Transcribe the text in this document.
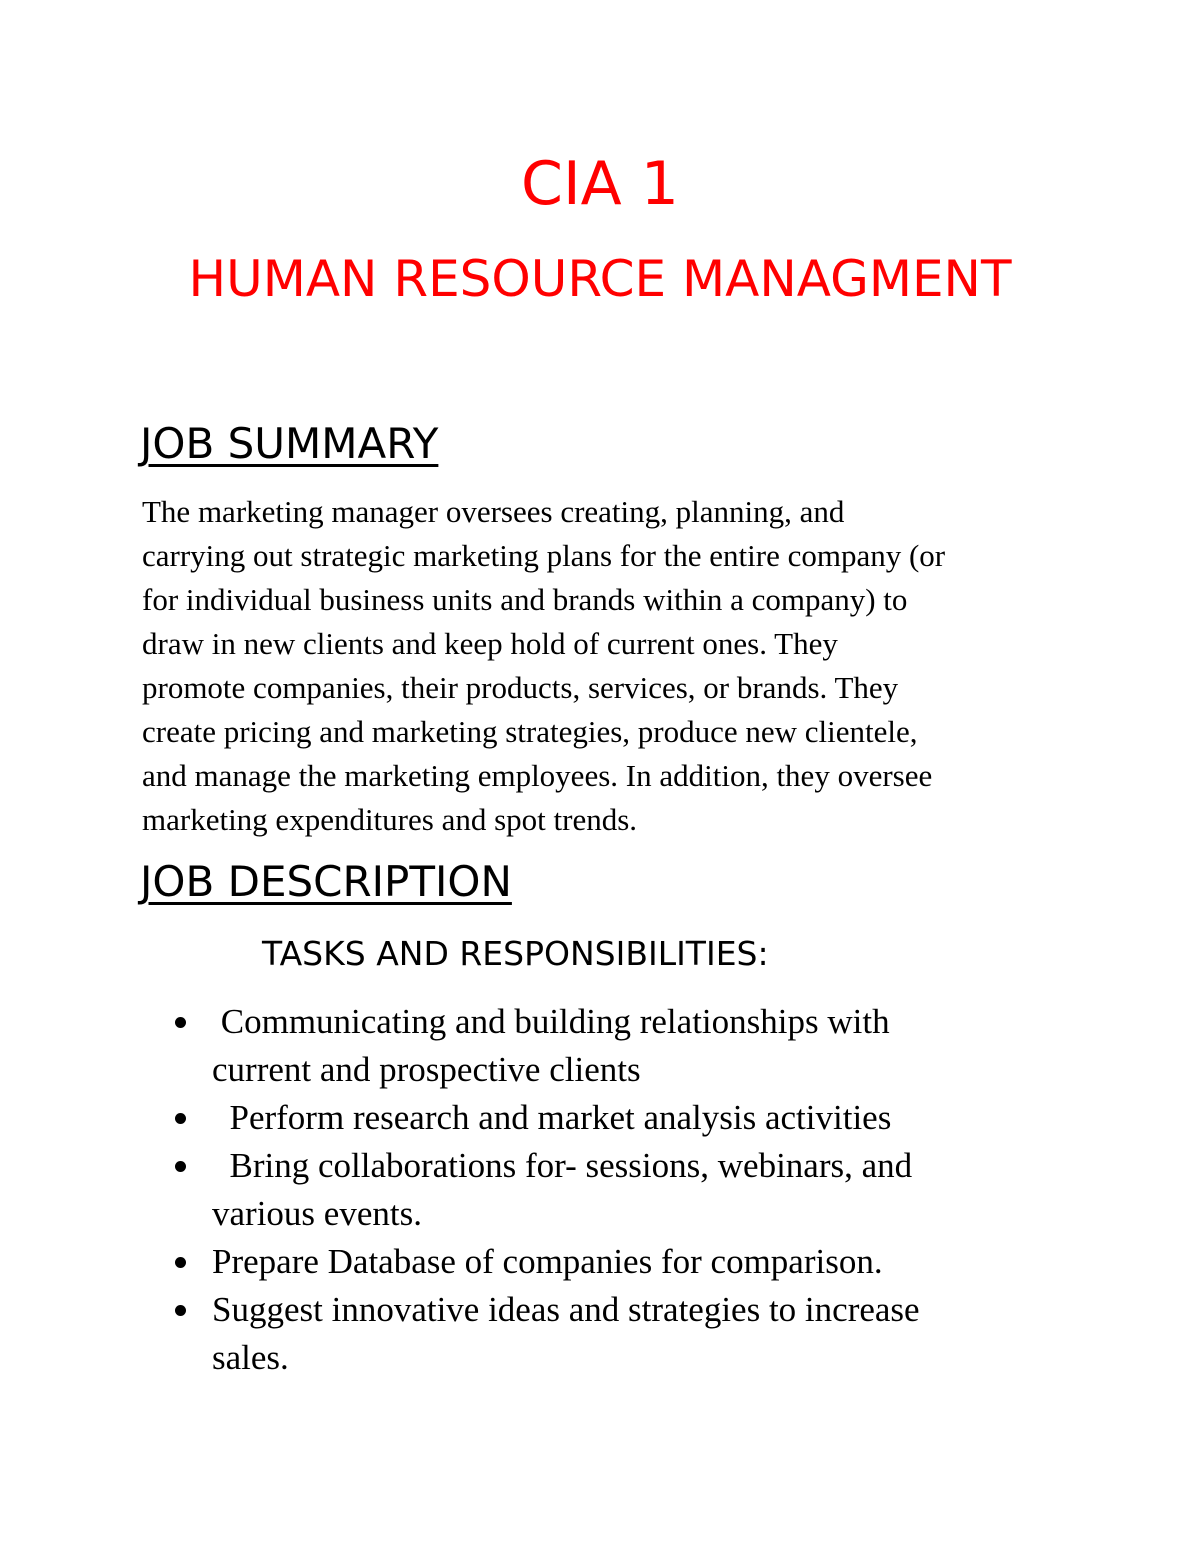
CIA 1
HUMAN RESOURCE MANAGMENT
JOB SUMMARY
The marketing manager oversees creating, planning, and
carrying out strategic marketing plans for the entire company (or
for individual business units and brands within a company) to
draw in new clients and keep hold of current ones. They
promote companies, their products, services, or brands. They
create pricing and marketing strategies, produce new clientele,
and manage the marketing employees. In addition, they oversee
marketing expenditures and spot trends.
JOB DESCRIPTION
TASKS AND RESPONSIBILITIES:
Communicating and building relationships with
current and prospective clients
Perform research and market analysis activities
Bring collaborations for- sessions, webinars, and
various events.
Prepare Database of companies for comparison.
Suggest innovative ideas and strategies to increase
sales.
